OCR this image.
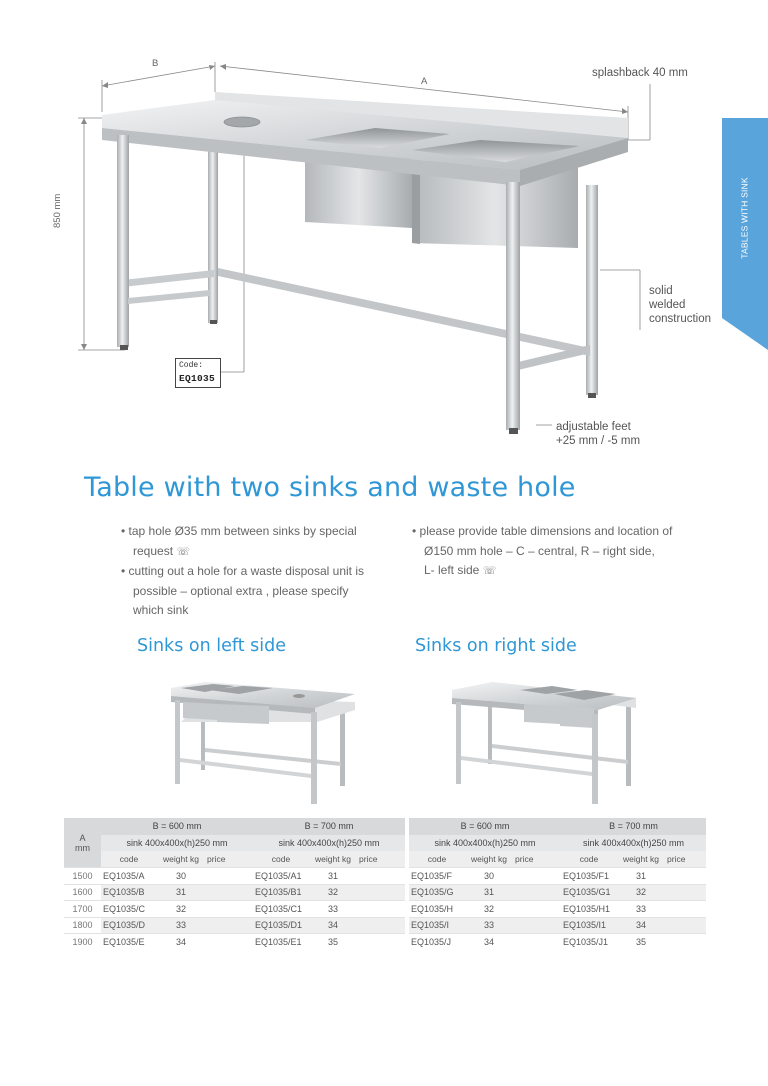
TABLES WITH SINK
B
A
850 mm
splashback 40 mm
solid
welded
construction
adjustable feet
+25 mm / -5 mm
Code:
EQ1035
Table with two sinks and waste hole
• tap hole Ø35 mm between sinks by special
request ☏
• cutting out a hole for a waste disposal unit is
possible – optional extra , please specify
which sink
• please provide table dimensions and location of
Ø150 mm hole – C – central, R – right side,
L- left side ☏
Sinks on left side	Sinks on right side
A
mm	B = 600 mm			B = 700 mm				B = 600 mm			B = 700 mm		
	sink 400x400x(h)250 mm			sink 400x400x(h)250 mm				sink 400x400x(h)250 mm			sink 400x400x(h)250 mm		
	code	weight kg	price	code	weight kg	price		code	weight kg	price	code	weight kg	price
1500	EQ1035/A	30		EQ1035/A1	31			EQ1035/F	30		EQ1035/F1	31	
1600	EQ1035/B	31		EQ1035/B1	32			EQ1035/G	31		EQ1035/G1	32	
1700	EQ1035/C	32		EQ1035/C1	33			EQ1035/H	32		EQ1035/H1	33	
1800	EQ1035/D	33		EQ1035/D1	34			EQ1035/I	33		EQ1035/I1	34	
1900	EQ1035/E	34		EQ1035/E1	35			EQ1035/J	34		EQ1035/J1	35	
